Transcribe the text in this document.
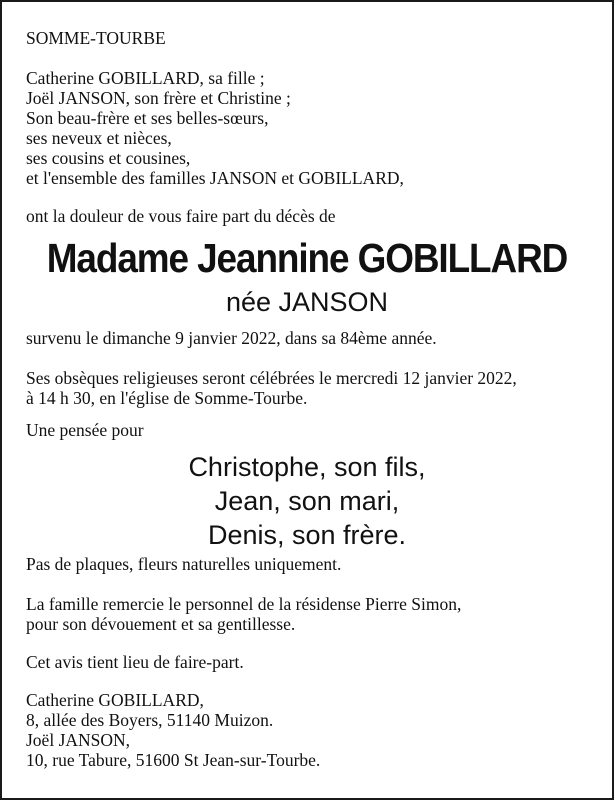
SOMME-TOURBE

Catherine GOBILLARD, sa fille ;
Joël JANSON, son frère et Christine ;
Son beau-frère et ses belles-sœurs,
ses neveux et nièces,
ses cousins et cousines,
et l'ensemble des familles JANSON et GOBILLARD,

ont la douleur de vous faire part du décès de

Madame Jeannine GOBILLARD

née JANSON

survenu le dimanche 9 janvier 2022, dans sa 84ème année.

Ses obsèques religieuses seront célébrées le mercredi 12 janvier 2022,
à 14 h 30, en l'église de Somme-Tourbe.

Une pensée pour

Christophe, son fils,
Jean, son mari,
Denis, son frère.

Pas de plaques, fleurs naturelles uniquement.

La famille remercie le personnel de la résidense Pierre Simon,
pour son dévouement et sa gentillesse.

Cet avis tient lieu de faire-part.

Catherine GOBILLARD,
8, allée des Boyers, 51140 Muizon.
Joël JANSON,
10, rue Tabure, 51600 St Jean-sur-Tourbe.
